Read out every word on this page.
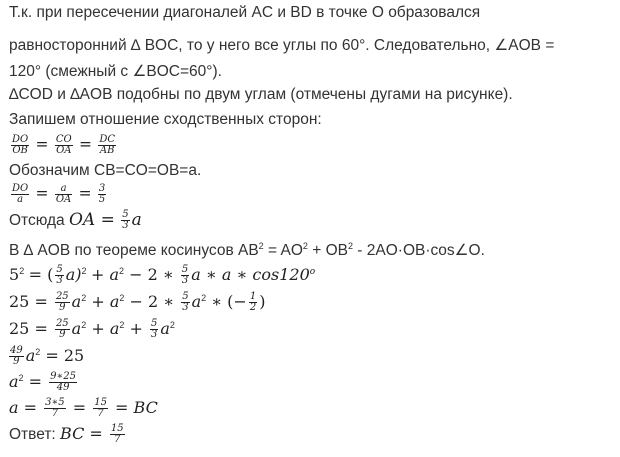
Т.к. при пересечении диагоналей AC и BD в точке O образовался
равносторонний ∆ BOC, то у него все углы по 60°. Следовательно, ∠AOB =
120° (смежный с ∠BOC=60°).
∆COD и ∆AOB подобны по двум углам (отмечены дугами на рисунке).
Запишем отношение сходственных сторон:
$\frac{DO}{OB} = \frac{CO}{OA} = \frac{DC}{AB}$
Обозначим CB=CO=OB=a.
$\frac{DO}{a} = \frac{a}{OA} = \frac{3}{5}$
Отсюда OA = $\frac{5}{3}$ a
В ∆ AOB по теореме косинусов $AB^2 = AO^2 + OB^2$ - 2AO·OB·cos∠O.
$5^2$ = ( $\frac{5}{3} a)^2 + a^2 - 2$ ∗ $\frac{5}{3}$ a ∗ a ∗ cos120$^o$
$25 = \frac{25}{9} a^2 + a^2 - 2$ ∗ $\frac{5}{3} a^2$ ∗ (− $\frac{1}{2}$ )
$25 = \frac{25}{9} a^2 + a^2 + \frac{5}{3} a^2$
$\frac{49}{9} a^2 = 25$
$a^2 = \frac{9∗25}{49}$
$a = \frac{3∗5}{7} = \frac{15}{7}$ = BC
Ответ: BC = $\frac{15}{7}$
